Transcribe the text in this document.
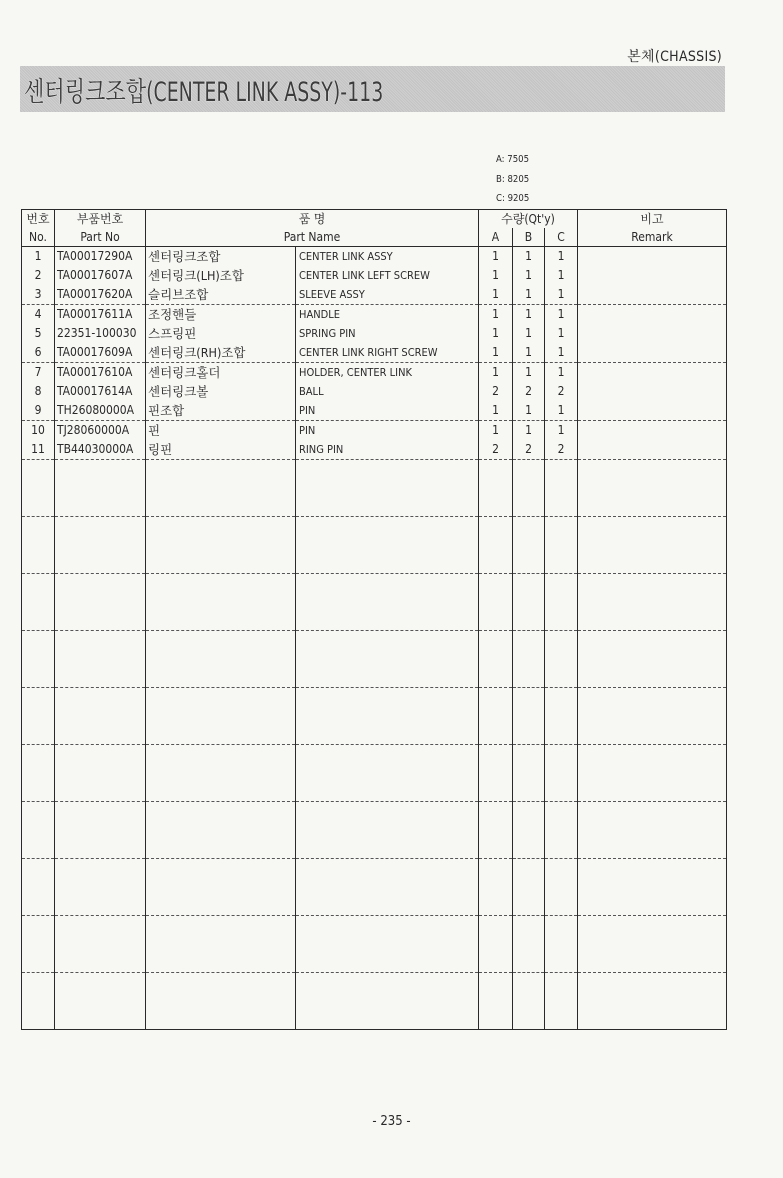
본체(CHASSIS)
센터링크조합(CENTER LINK ASSY)-113
A: 7505
B: 8205
C: 9205
번호	부품번호	품 명		수량(Qt'y)			비고
No.	Part No	Part Name		A	B	C	Remark
1	TA00017290A	센터링크조합	CENTER LINK ASSY	1	1	1	
2	TA00017607A	센터링크(LH)조합	CENTER LINK LEFT SCREW	1	1	1	
3	TA00017620A	슬리브조합	SLEEVE ASSY	1	1	1	
4	TA00017611A	조정핸들	HANDLE	1	1	1	
5	22351-100030	스프링핀	SPRING PIN	1	1	1	
6	TA00017609A	센터링크(RH)조합	CENTER LINK RIGHT SCREW	1	1	1	
7	TA00017610A	센터링크홀더	HOLDER, CENTER LINK	1	1	1	
8	TA00017614A	센터링크볼	BALL	2	2	2	
9	TH26080000A	핀조합	PIN	1	1	1	
10	TJ28060000A	핀	PIN	1	1	1	
11	TB44030000A	링핀	RING PIN	2	2	2	

- 235 -
